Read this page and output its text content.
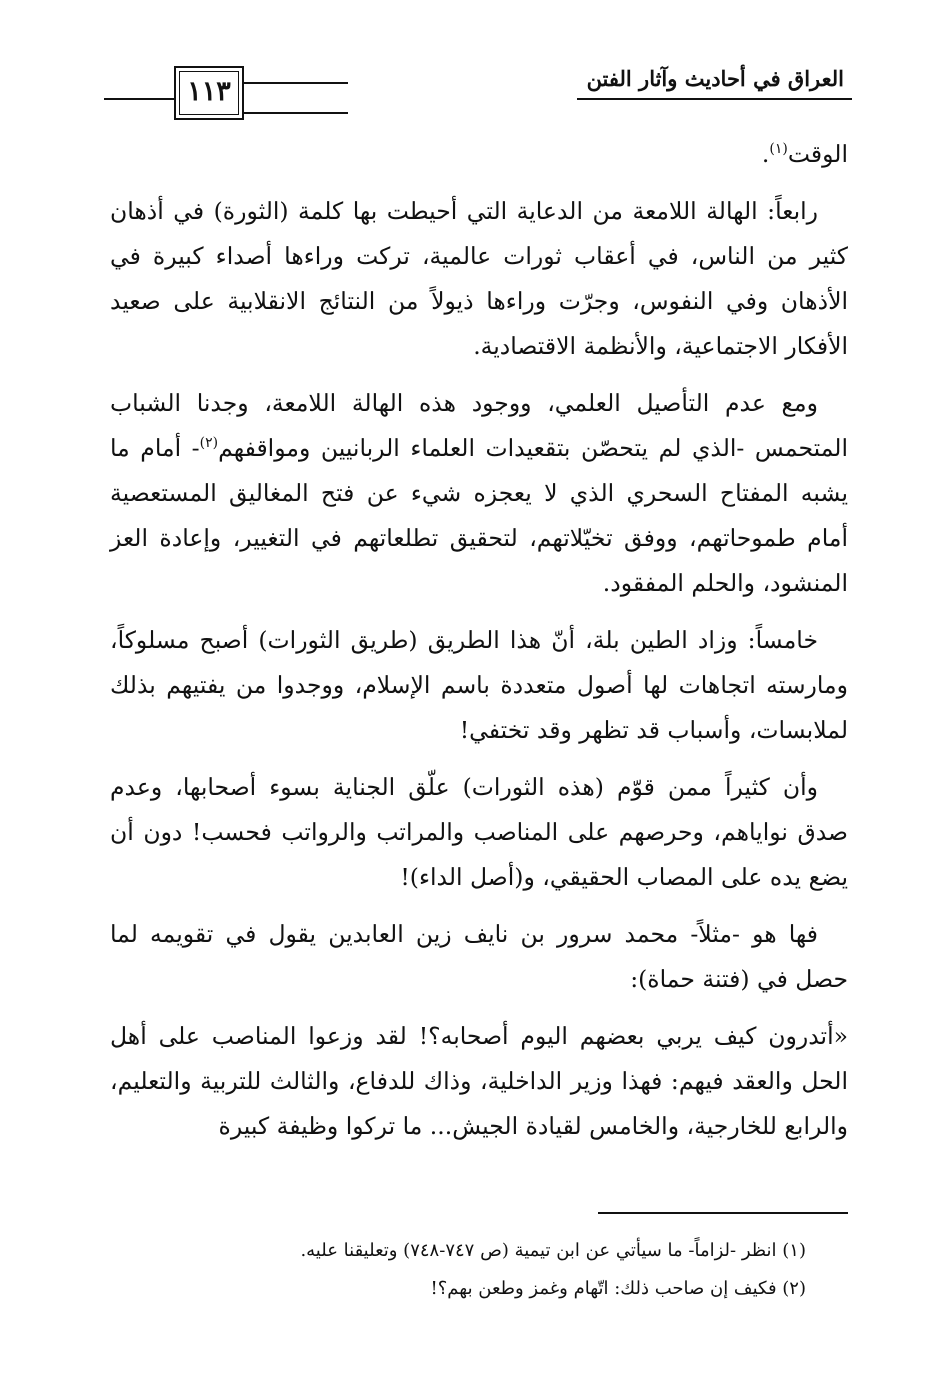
١١٣	العراق في أحاديث وآثار الفتن

الوقت$^{(١)}$.

رابعاً: الهالة اللامعة من الدعاية التي أحيطت بها كلمة (الثورة) في أذهان كثير من الناس، في أعقاب ثورات عالمية، تركت وراءها أصداء كبيرة في الأذهان وفي النفوس، وجرّت وراءها ذيولاً من النتائج الانقلابية على صعيد الأفكار الاجتماعية، والأنظمة الاقتصادية.

ومع عدم التأصيل العلمي، ووجود هذه الهالة اللامعة، وجدنا الشباب المتحمس -الذي لم يتحصّن بتقعيدات العلماء الربانيين ومواقفهم$^{(٢)}$- أمام ما يشبه المفتاح السحري الذي لا يعجزه شيء عن فتح المغاليق المستعصية أمام طموحاتهم، ووفق تخيّلاتهم، لتحقيق تطلعاتهم في التغيير، وإعادة العز المنشود، والحلم المفقود.

خامساً: وزاد الطين بلة، أنّ هذا الطريق (طريق الثورات) أصبح مسلوكاً، ومارسته اتجاهات لها أصول متعددة باسم الإسلام، ووجدوا من يفتيهم بذلك لملابسات، وأسباب قد تظهر وقد تختفي!

وأن كثيراً ممن قوّم (هذه الثورات) علّق الجناية بسوء أصحابها، وعدم صدق نواياهم، وحرصهم على المناصب والمراتب والرواتب فحسب! دون أن يضع يده على المصاب الحقيقي، و(أصل الداء)!

فها هو -مثلاً- محمد سرور بن نايف زين العابدين يقول في تقويمه لما حصل في (فتنة حماة):

«أتدرون كيف يربي بعضهم اليوم أصحابه؟! لقد وزعوا المناصب على أهل الحل والعقد فيهم: فهذا وزير الداخلية، وذاك للدفاع، والثالث للتربية والتعليم، والرابع للخارجية، والخامس لقيادة الجيش... ما تركوا وظيفة كبيرة

(١) انظر -لزاماً- ما سيأتي عن ابن تيمية (ص ٧٤٧-٧٤٨) وتعليقنا عليه.

(٢) فكيف إن صاحب ذلك: اتّهام وغمز وطعن بهم؟!
